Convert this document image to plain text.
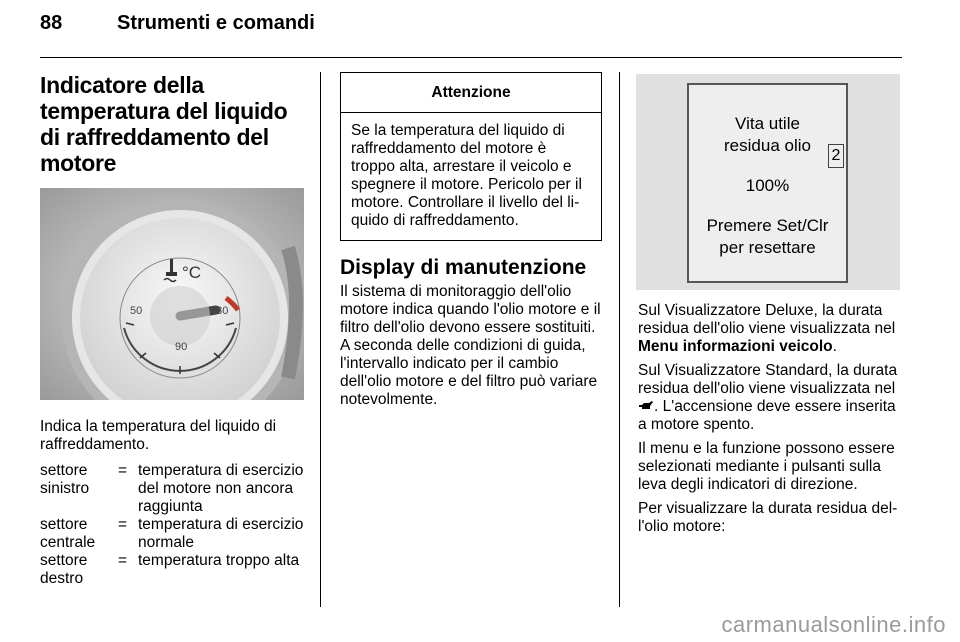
88	Strumenti e comandi
Indicatore della temperatura del liquido di raffreddamento del motore
50
90
130
°C

Indica la temperatura del liquido di raffreddamento.

settore sinistro	=	temperatura di esercizio del motore non ancora raggiunta
settore centrale	=	temperatura di esercizio normale
settore destro	=	temperatura troppo alta
Attenzione
Se la temperatura del liquido di raffreddamento del motore è troppo alta, arrestare il veicolo e spegnere il motore. Pericolo per il motore. Controllare il livello del liquido di raffreddamento.
Display di manutenzione

Il sistema di monitoraggio dell'olio motore indica quando l'olio motore e il filtro dell'olio devono essere sostituiti. A seconda delle condizioni di guida, l'intervallo indicato per il cambio dell'olio motore e del filtro può variare notevolmente.

Vita utile
residua olio
100%
Premere Set/Clr
per resettare
2

Sul Visualizzatore Deluxe, la durata residua dell'olio viene visualizzata nel Menu informazioni veicolo.

Sul Visualizzatore Standard, la durata residua dell'olio viene visualizzata nel . L'accensione deve essere inserita a motore spento.

Il menu e la funzione possono essere selezionati mediante i pulsanti sulla leva degli indicatori di direzione.

Per visualizzare la durata residua dell'olio motore:

carmanualsonline.info
